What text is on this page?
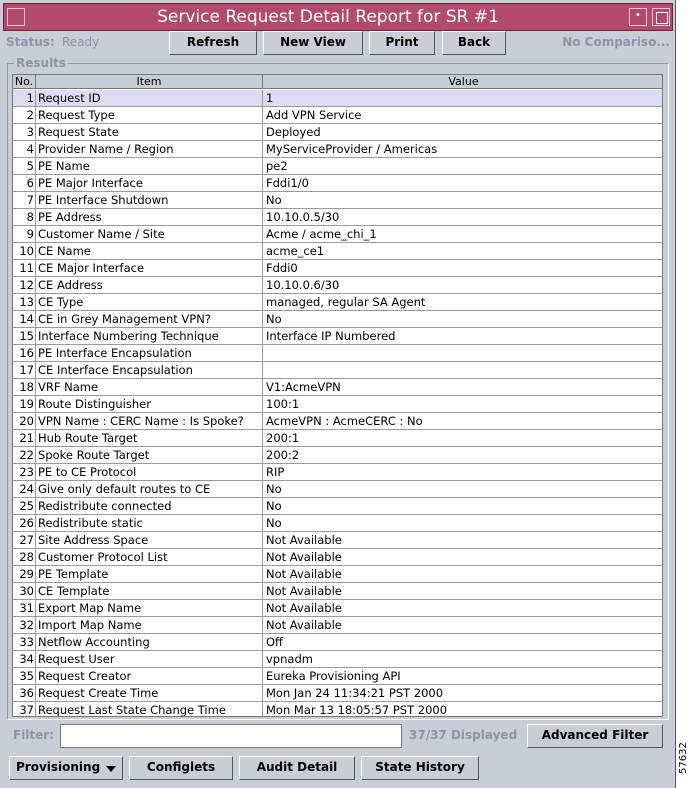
Service Request Detail Report for SR #1	•
Status: Ready	Refresh	New View	Print	Back	No Compariso...
Results
No.	Item	Value
1 Request ID	1
2 Request Type	Add VPN Service
3 Request State	Deployed
4 Provider Name / Region	MyServiceProvider / Americas
5 PE Name	pe2
6 PE Major Interface	Fddi1/0
7 PE Interface Shutdown	No
8 PE Address	10.10.0.5/30
9 Customer Name / Site	Acme / acme_chi_1
10 CE Name	acme_ce1
11 CE Major Interface	Fddi0
12 CE Address	10.10.0.6/30
13 CE Type	managed, regular SA Agent
14 CE in Grey Management VPN?	No
15 Interface Numbering Technique	Interface IP Numbered
16 PE Interface Encapsulation
17 CE Interface Encapsulation
18 VRF Name	V1:AcmeVPN
19 Route Distinguisher	100:1
20 VPN Name : CERC Name : Is Spoke?	AcmeVPN : AcmeCERC : No
21 Hub Route Target	200:1
22 Spoke Route Target	200:2
23 PE to CE Protocol	RIP
24 Give only default routes to CE	No
25 Redistribute connected	No
26 Redistribute static	No
27 Site Address Space	Not Available
28 Customer Protocol List	Not Available
29 PE Template	Not Available
30 CE Template	Not Available
31 Export Map Name	Not Available
32 Import Map Name	Not Available
33 Netflow Accounting	Off
34 Request User	vpnadm
35 Request Creator	Eureka Provisioning API
36 Request Create Time	Mon Jan 24 11:34:21 PST 2000
37 Request Last State Change Time	Mon Mar 13 18:05:57 PST 2000
Filter:	37/37 Displayed	Advanced Filter
Provisioning	Configlets	Audit Detail	State History	57632
